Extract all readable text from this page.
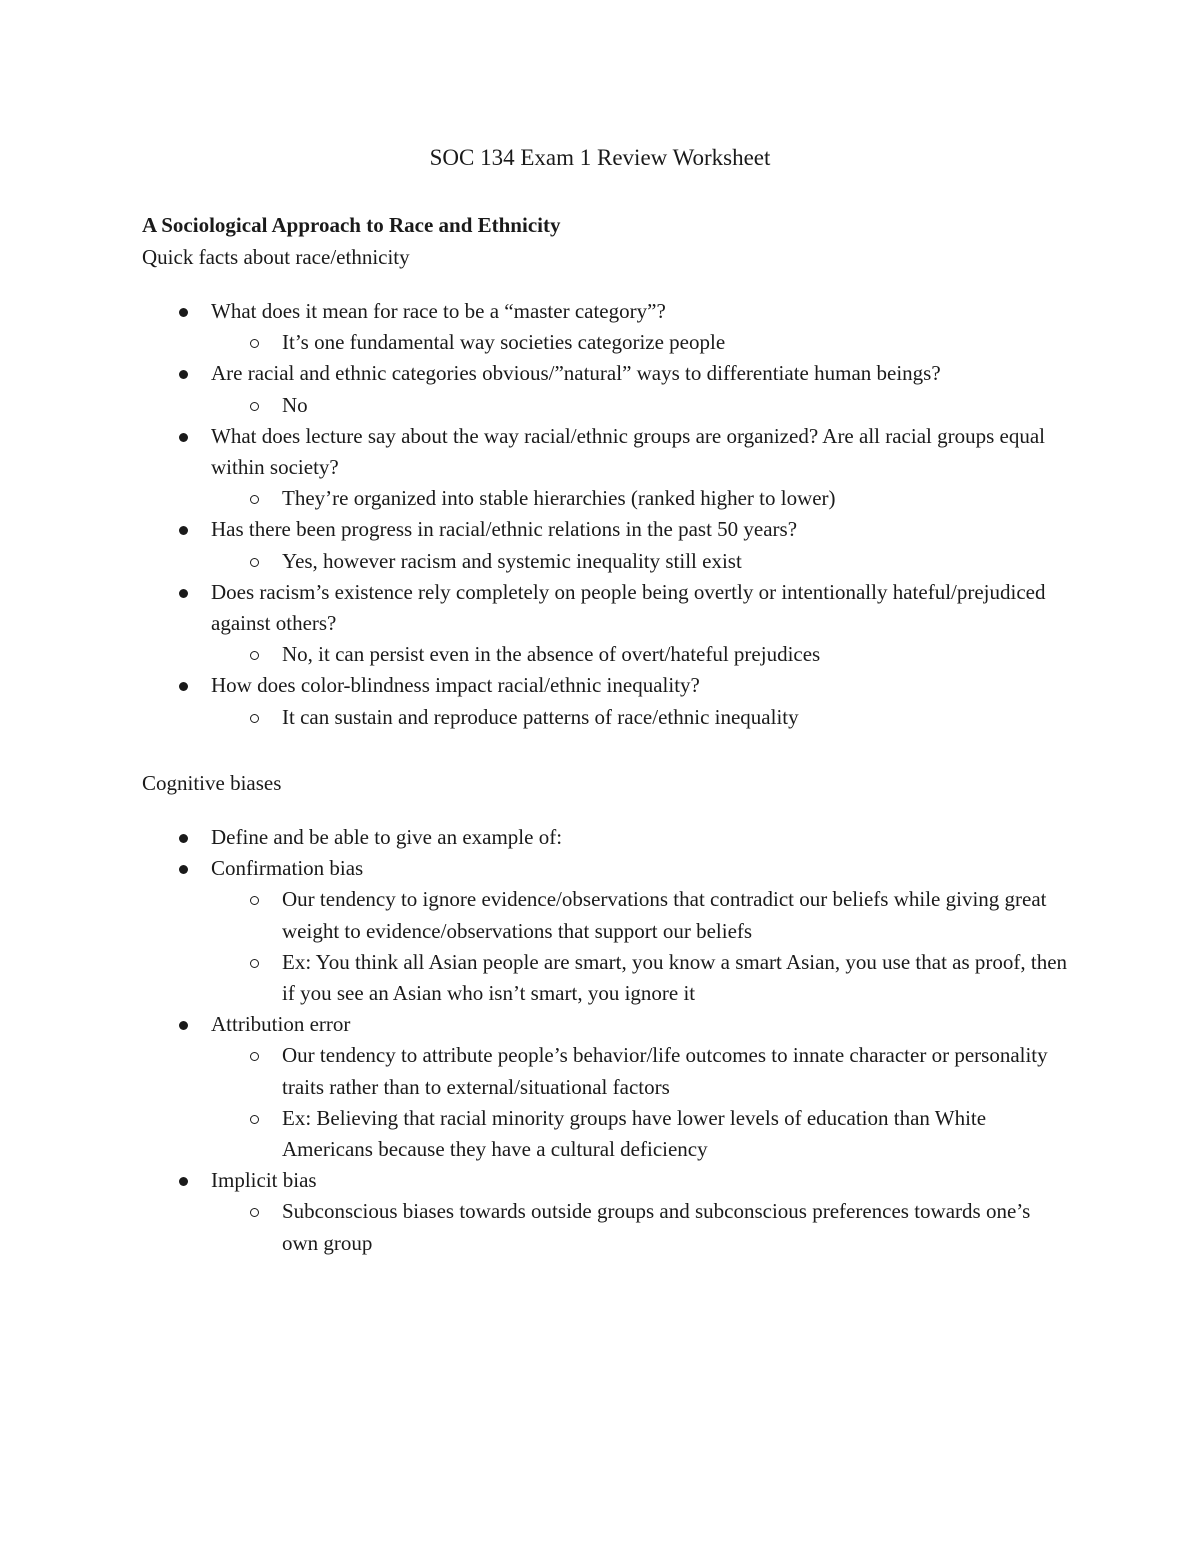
SOC 134 Exam 1 Review Worksheet
A Sociological Approach to Race and Ethnicity

Quick facts about race/ethnicity

What does it mean for race to be a “master category”?
It’s one fundamental way societies categorize people
Are racial and ethnic categories obvious/”natural” ways to differentiate human beings?
No
What does lecture say about the way racial/ethnic groups are organized? Are all racial groups equal within society?
They’re organized into stable hierarchies (ranked higher to lower)
Has there been progress in racial/ethnic relations in the past 50 years?
Yes, however racism and systemic inequality still exist
Does racism’s existence rely completely on people being overtly or intentionally hateful/prejudiced against others?
No, it can persist even in the absence of overt/hateful prejudices
How does color-blindness impact racial/ethnic inequality?
It can sustain and reproduce patterns of race/ethnic inequality

Cognitive biases

Define and be able to give an example of:
Confirmation bias
Our tendency to ignore evidence/observations that contradict our beliefs while giving great weight to evidence/observations that support our beliefs
Ex: You think all Asian people are smart, you know a smart Asian, you use that as proof, then if you see an Asian who isn’t smart, you ignore it
Attribution error
Our tendency to attribute people’s behavior/life outcomes to innate character or personality traits rather than to external/situational factors
Ex: Believing that racial minority groups have lower levels of education than White Americans because they have a cultural deficiency
Implicit bias
Subconscious biases towards outside groups and subconscious preferences towards one’s own group
